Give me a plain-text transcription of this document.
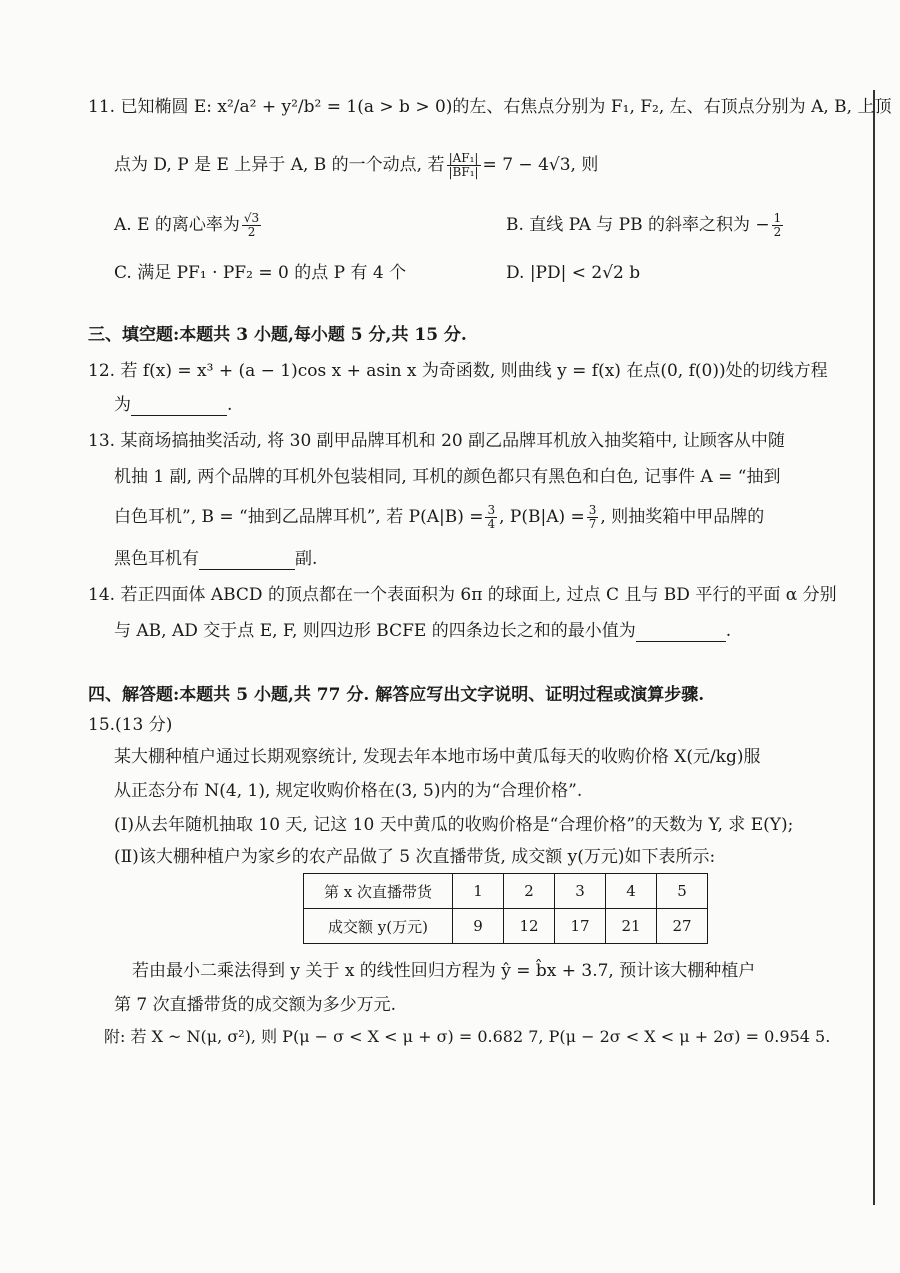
11. 已知椭圆 E: x²/a² + y²/b² = 1(a > b > 0)的左、右焦点分别为 F₁, F₂, 左、右顶点分别为 A, B, 上顶
点为 D, P 是 E 上异于 A, B 的一个动点, 若 $\frac{\text{|AF₁|}}{\text{|BF₁|}} = 7 - 4√3$, 则
A. E 的离心率为 $\frac{√3}{2}$	B. 直线 PA 与 PB 的斜率之积为 − $\frac{1}{2}$
C. 满足 PF₁ · PF₂ = 0 的点 P 有 4 个	D. |PD| < 2√2 b
三、填空题:本题共 3 小题,每小题 5 分,共 15 分.
12. 若 f(x) = x³ + (a − 1)cos x + asin x 为奇函数, 则曲线 y = f(x) 在点(0, f(0))处的切线方程
为	.
13. 某商场搞抽奖活动, 将 30 副甲品牌耳机和 20 副乙品牌耳机放入抽奖箱中, 让顾客从中随
机抽 1 副, 两个品牌的耳机外包装相同, 耳机的颜色都只有黑色和白色, 记事件 A = “抽到
白色耳机”, B = “抽到乙品牌耳机”, 若 $P(A|B) = \frac{3}{4}$ , $P(B|A) = \frac{3}{7}$ , 则抽奖箱中甲品牌的
黑色耳机有	副.
14. 若正四面体 ABCD 的顶点都在一个表面积为 6π 的球面上, 过点 C 且与 BD 平行的平面 α 分别
与 AB, AD 交于点 E, F, 则四边形 BCFE 的四条边长之和的最小值为	.
四、解答题:本题共 5 小题,共 77 分. 解答应写出文字说明、证明过程或演算步骤.
15.(13 分)
某大棚种植户通过长期观察统计, 发现去年本地市场中黄瓜每天的收购价格 X(元/kg)服
从正态分布 N(4, 1), 规定收购价格在(3, 5)内的为“合理价格”.
(Ⅰ)从去年随机抽取 10 天, 记这 10 天中黄瓜的收购价格是“合理价格”的天数为 Y, 求 E(Y);
(Ⅱ)该大棚种植户为家乡的农产品做了 5 次直播带货, 成交额 y(万元)如下表所示:
第 x 次直播带货	1	2	3	4	5
成交额 y(万元)	9	12	17	21	27
若由最小二乘法得到 y 关于 x 的线性回归方程为 ŷ = b̂x + 3.7, 预计该大棚种植户
第 7 次直播带货的成交额为多少万元.
附: 若 X ~ N(μ, σ²), 则 P(μ − σ < X < μ + σ) = 0.682 7, P(μ − 2σ < X < μ + 2σ) = 0.954 5.
